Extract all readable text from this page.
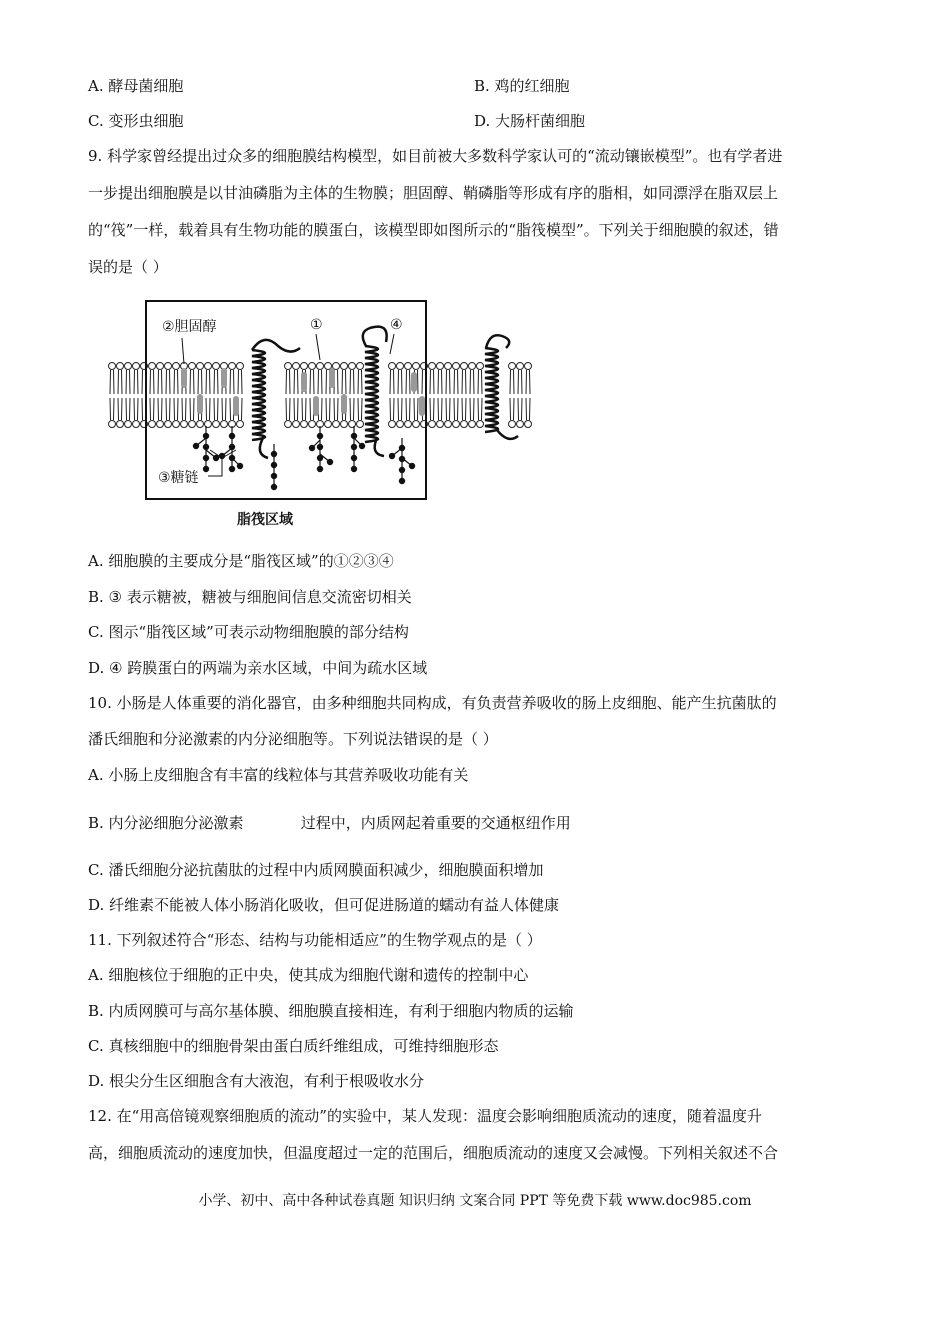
A. 酵母菌细胞	B. 鸡的红细胞
C. 变形虫细胞	D. 大肠杆菌细胞
9. 科学家曾经提出过众多的细胞膜结构模型，如目前被大多数科学家认可的“流动镶嵌模型”。也有学者进
一步提出细胞膜是以甘油磷脂为主体的生物膜；胆固醇、鞘磷脂等形成有序的脂相，如同漂浮在脂双层上
的“筏”一样，载着具有生物功能的膜蛋白，该模型即如图所示的“脂筏模型”。下列关于细胞膜的叙述，错
误的是（ ）
②胆固醇	①	④
③糖链
脂筏区域
A. 细胞膜的主要成分是“脂筏区域”的①②③④
B. ③ 表示糖被，糖被与细胞间信息交流密切相关
C. 图示“脂筏区域”可表示动物细胞膜的部分结构
D. ④ 跨膜蛋白的两端为亲水区域，中间为疏水区域
10. 小肠是人体重要的消化器官，由多种细胞共同构成，有负责营养吸收的肠上皮细胞、能产生抗菌肽的
潘氏细胞和分泌激素的内分泌细胞等。下列说法错误的是（ ）
A. 小肠上皮细胞含有丰富的线粒体与其营养吸收功能有关
B. 内分泌细胞分泌激素            过程中，内质网起着重要的交通枢纽作用
C. 潘氏细胞分泌抗菌肽的过程中内质网膜面积减少，细胞膜面积增加
D. 纤维素不能被人体小肠消化吸收，但可促进肠道的蠕动有益人体健康
11. 下列叙述符合“形态、结构与功能相适应”的生物学观点的是（ ）
A. 细胞核位于细胞的正中央，使其成为细胞代谢和遗传的控制中心
B. 内质网膜可与高尔基体膜、细胞膜直接相连，有利于细胞内物质的运输
C. 真核细胞中的细胞骨架由蛋白质纤维组成，可维持细胞形态
D. 根尖分生区细胞含有大液泡，有利于根吸收水分
12. 在“用高倍镜观察细胞质的流动”的实验中，某人发现：温度会影响细胞质流动的速度，随着温度升
高，细胞质流动的速度加快，但温度超过一定的范围后，细胞质流动的速度又会减慢。下列相关叙述不合
小学、初中、高中各种试卷真题 知识归纳 文案合同 PPT 等免费下载 www.doc985.com
